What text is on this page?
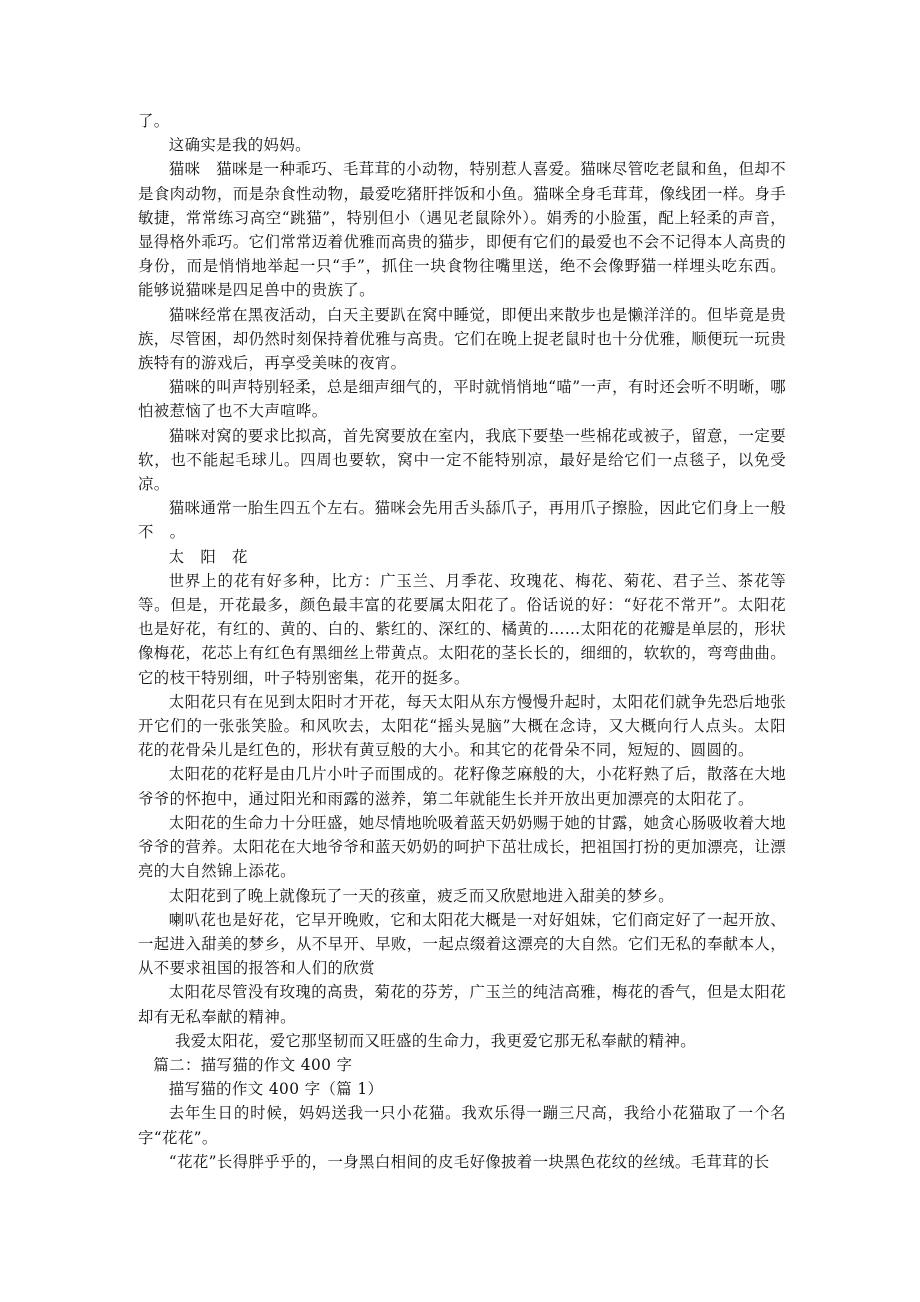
了。

这确实是我的妈妈。

猫咪　猫咪是一种乖巧、毛茸茸的小动物，特别惹人喜爱。猫咪尽管吃老鼠和鱼，但却不是食肉动物，而是杂食性动物，最爱吃猪肝拌饭和小鱼。猫咪全身毛茸茸，像线团一样。身手敏捷，常常练习高空“跳猫”，特别但小（遇见老鼠除外）。娟秀的小脸蛋，配上轻柔的声音，显得格外乖巧。它们常常迈着优雅而高贵的猫步，即便有它们的最爱也不会不记得本人高贵的身份，而是悄悄地举起一只“手”，抓住一块食物往嘴里送，绝不会像野猫一样埋头吃东西。能够说猫咪是四足兽中的贵族了。

猫咪经常在黑夜活动，白天主要趴在窝中睡觉，即便出来散步也是懒洋洋的。但毕竟是贵族，尽管困，却仍然时刻保持着优雅与高贵。它们在晚上捉老鼠时也十分优雅，顺便玩一玩贵族特有的游戏后，再享受美味的夜宵。

猫咪的叫声特别轻柔，总是细声细气的，平时就悄悄地“喵”一声，有时还会听不明晰，哪怕被惹恼了也不大声喧哗。

猫咪对窝的要求比拟高，首先窝要放在室内，我底下要垫一些棉花或被子，留意，一定要软，也不能起毛球儿。四周也要软，窝中一定不能特别凉，最好是给它们一点毯子，以免受凉。

猫咪通常一胎生四五个左右。猫咪会先用舌头舔爪子，再用爪子擦脸，因此它们身上一般不　。

太　阳　花

世界上的花有好多种，比方：广玉兰、月季花、玫瑰花、梅花、菊花、君子兰、茶花等等。但是，开花最多，颜色最丰富的花要属太阳花了。俗话说的好：“好花不常开”。太阳花也是好花，有红的、黄的、白的、紫红的、深红的、橘黄的……太阳花的花瓣是单层的，形状像梅花，花芯上有红色有黑细丝上带黄点。太阳花的茎长长的，细细的，软软的，弯弯曲曲。它的枝干特别细，叶子特别密集，花开的挺多。

太阳花只有在见到太阳时才开花，每天太阳从东方慢慢升起时，太阳花们就争先恐后地张开它们的一张张笑脸。和风吹去，太阳花“摇头晃脑”大概在念诗，又大概向行人点头。太阳花的花骨朵儿是红色的，形状有黄豆般的大小。和其它的花骨朵不同，短短的、圆圆的。

太阳花的花籽是由几片小叶子而围成的。花籽像芝麻般的大，小花籽熟了后，散落在大地爷爷的怀抱中，通过阳光和雨露的滋养，第二年就能生长并开放出更加漂亮的太阳花了。

太阳花的生命力十分旺盛，她尽情地吮吸着蓝天奶奶赐于她的甘露，她贪心肠吸收着大地爷爷的营养。太阳花在大地爷爷和蓝天奶奶的呵护下茁壮成长，把祖国打扮的更加漂亮，让漂亮的大自然锦上添花。

太阳花到了晚上就像玩了一天的孩童，疲乏而又欣慰地进入甜美的梦乡。

喇叭花也是好花，它早开晚败，它和太阳花大概是一对好姐妹，它们商定好了一起开放、一起进入甜美的梦乡，从不早开、早败，一起点缀着这漂亮的大自然。它们无私的奉献本人，从不要求祖国的报答和人们的欣赏

太阳花尽管没有玫瑰的高贵，菊花的芬芳，广玉兰的纯洁高雅，梅花的香气，但是太阳花却有无私奉献的精神。

我爱太阳花，爱它那坚韧而又旺盛的生命力，我更爱它那无私奉献的精神。

篇二：描写猫的作文 400 字

描写猫的作文 400 字（篇 1）

去年生日的时候，妈妈送我一只小花猫。我欢乐得一蹦三尺高，我给小花猫取了一个名字“花花”。

“花花”长得胖乎乎的，一身黑白相间的皮毛好像披着一块黑色花纹的丝绒。毛茸茸的长
